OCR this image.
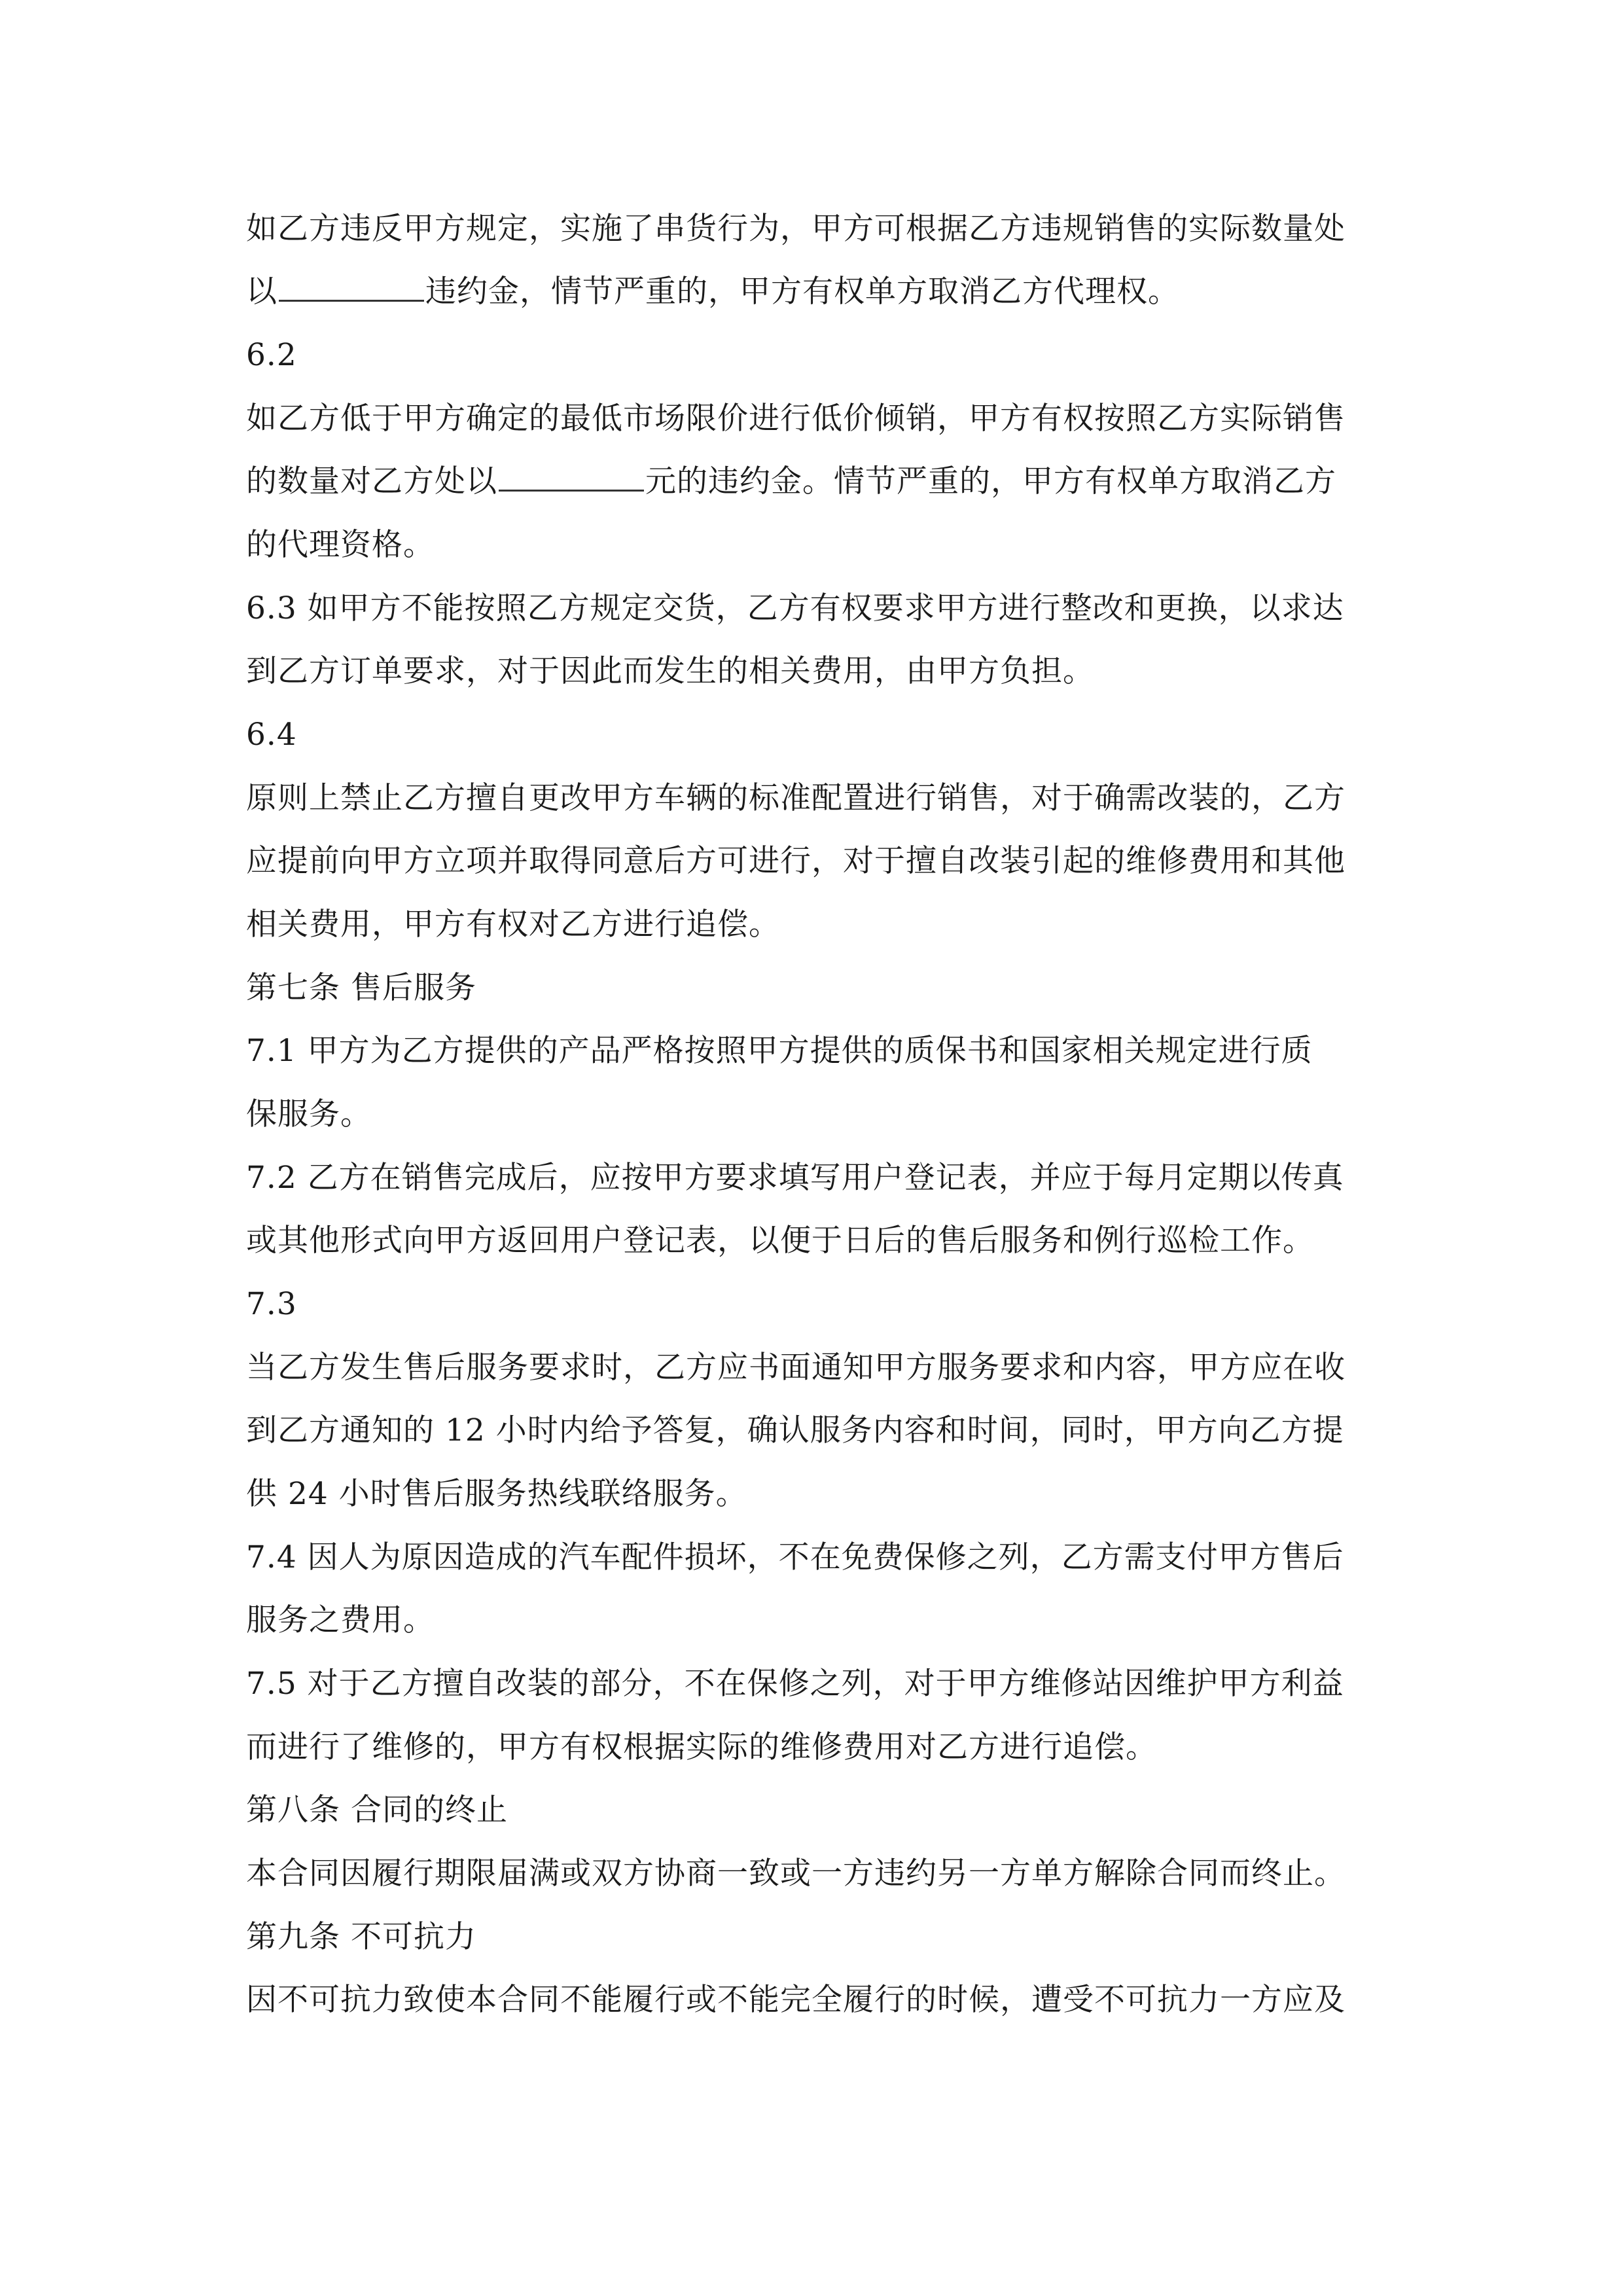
如乙方违反甲方规定，实施了串货行为，甲方可根据乙方违规销售的实际数量处
以	违约金，情节严重的，甲方有权单方取消乙方代理权。
6.2
如乙方低于甲方确定的最低市场限价进行低价倾销，甲方有权按照乙方实际销售
的数量对乙方处以	元的违约金。情节严重的，甲方有权单方取消乙方
的代理资格。
6.3 如甲方不能按照乙方规定交货，乙方有权要求甲方进行整改和更换，以求达
到乙方订单要求，对于因此而发生的相关费用，由甲方负担。
6.4
原则上禁止乙方擅自更改甲方车辆的标准配置进行销售，对于确需改装的，乙方
应提前向甲方立项并取得同意后方可进行，对于擅自改装引起的维修费用和其他
相关费用，甲方有权对乙方进行追偿。
第七条 售后服务
7.1 甲方为乙方提供的产品严格按照甲方提供的质保书和国家相关规定进行质
保服务。
7.2 乙方在销售完成后，应按甲方要求填写用户登记表，并应于每月定期以传真
或其他形式向甲方返回用户登记表，以便于日后的售后服务和例行巡检工作。
7.3
当乙方发生售后服务要求时，乙方应书面通知甲方服务要求和内容，甲方应在收
到乙方通知的 12 小时内给予答复，确认服务内容和时间，同时，甲方向乙方提
供 24 小时售后服务热线联络服务。
7.4 因人为原因造成的汽车配件损坏，不在免费保修之列，乙方需支付甲方售后
服务之费用。
7.5 对于乙方擅自改装的部分，不在保修之列，对于甲方维修站因维护甲方利益
而进行了维修的，甲方有权根据实际的维修费用对乙方进行追偿。
第八条 合同的终止
本合同因履行期限届满或双方协商一致或一方违约另一方单方解除合同而终止。
第九条 不可抗力
因不可抗力致使本合同不能履行或不能完全履行的时候，遭受不可抗力一方应及
